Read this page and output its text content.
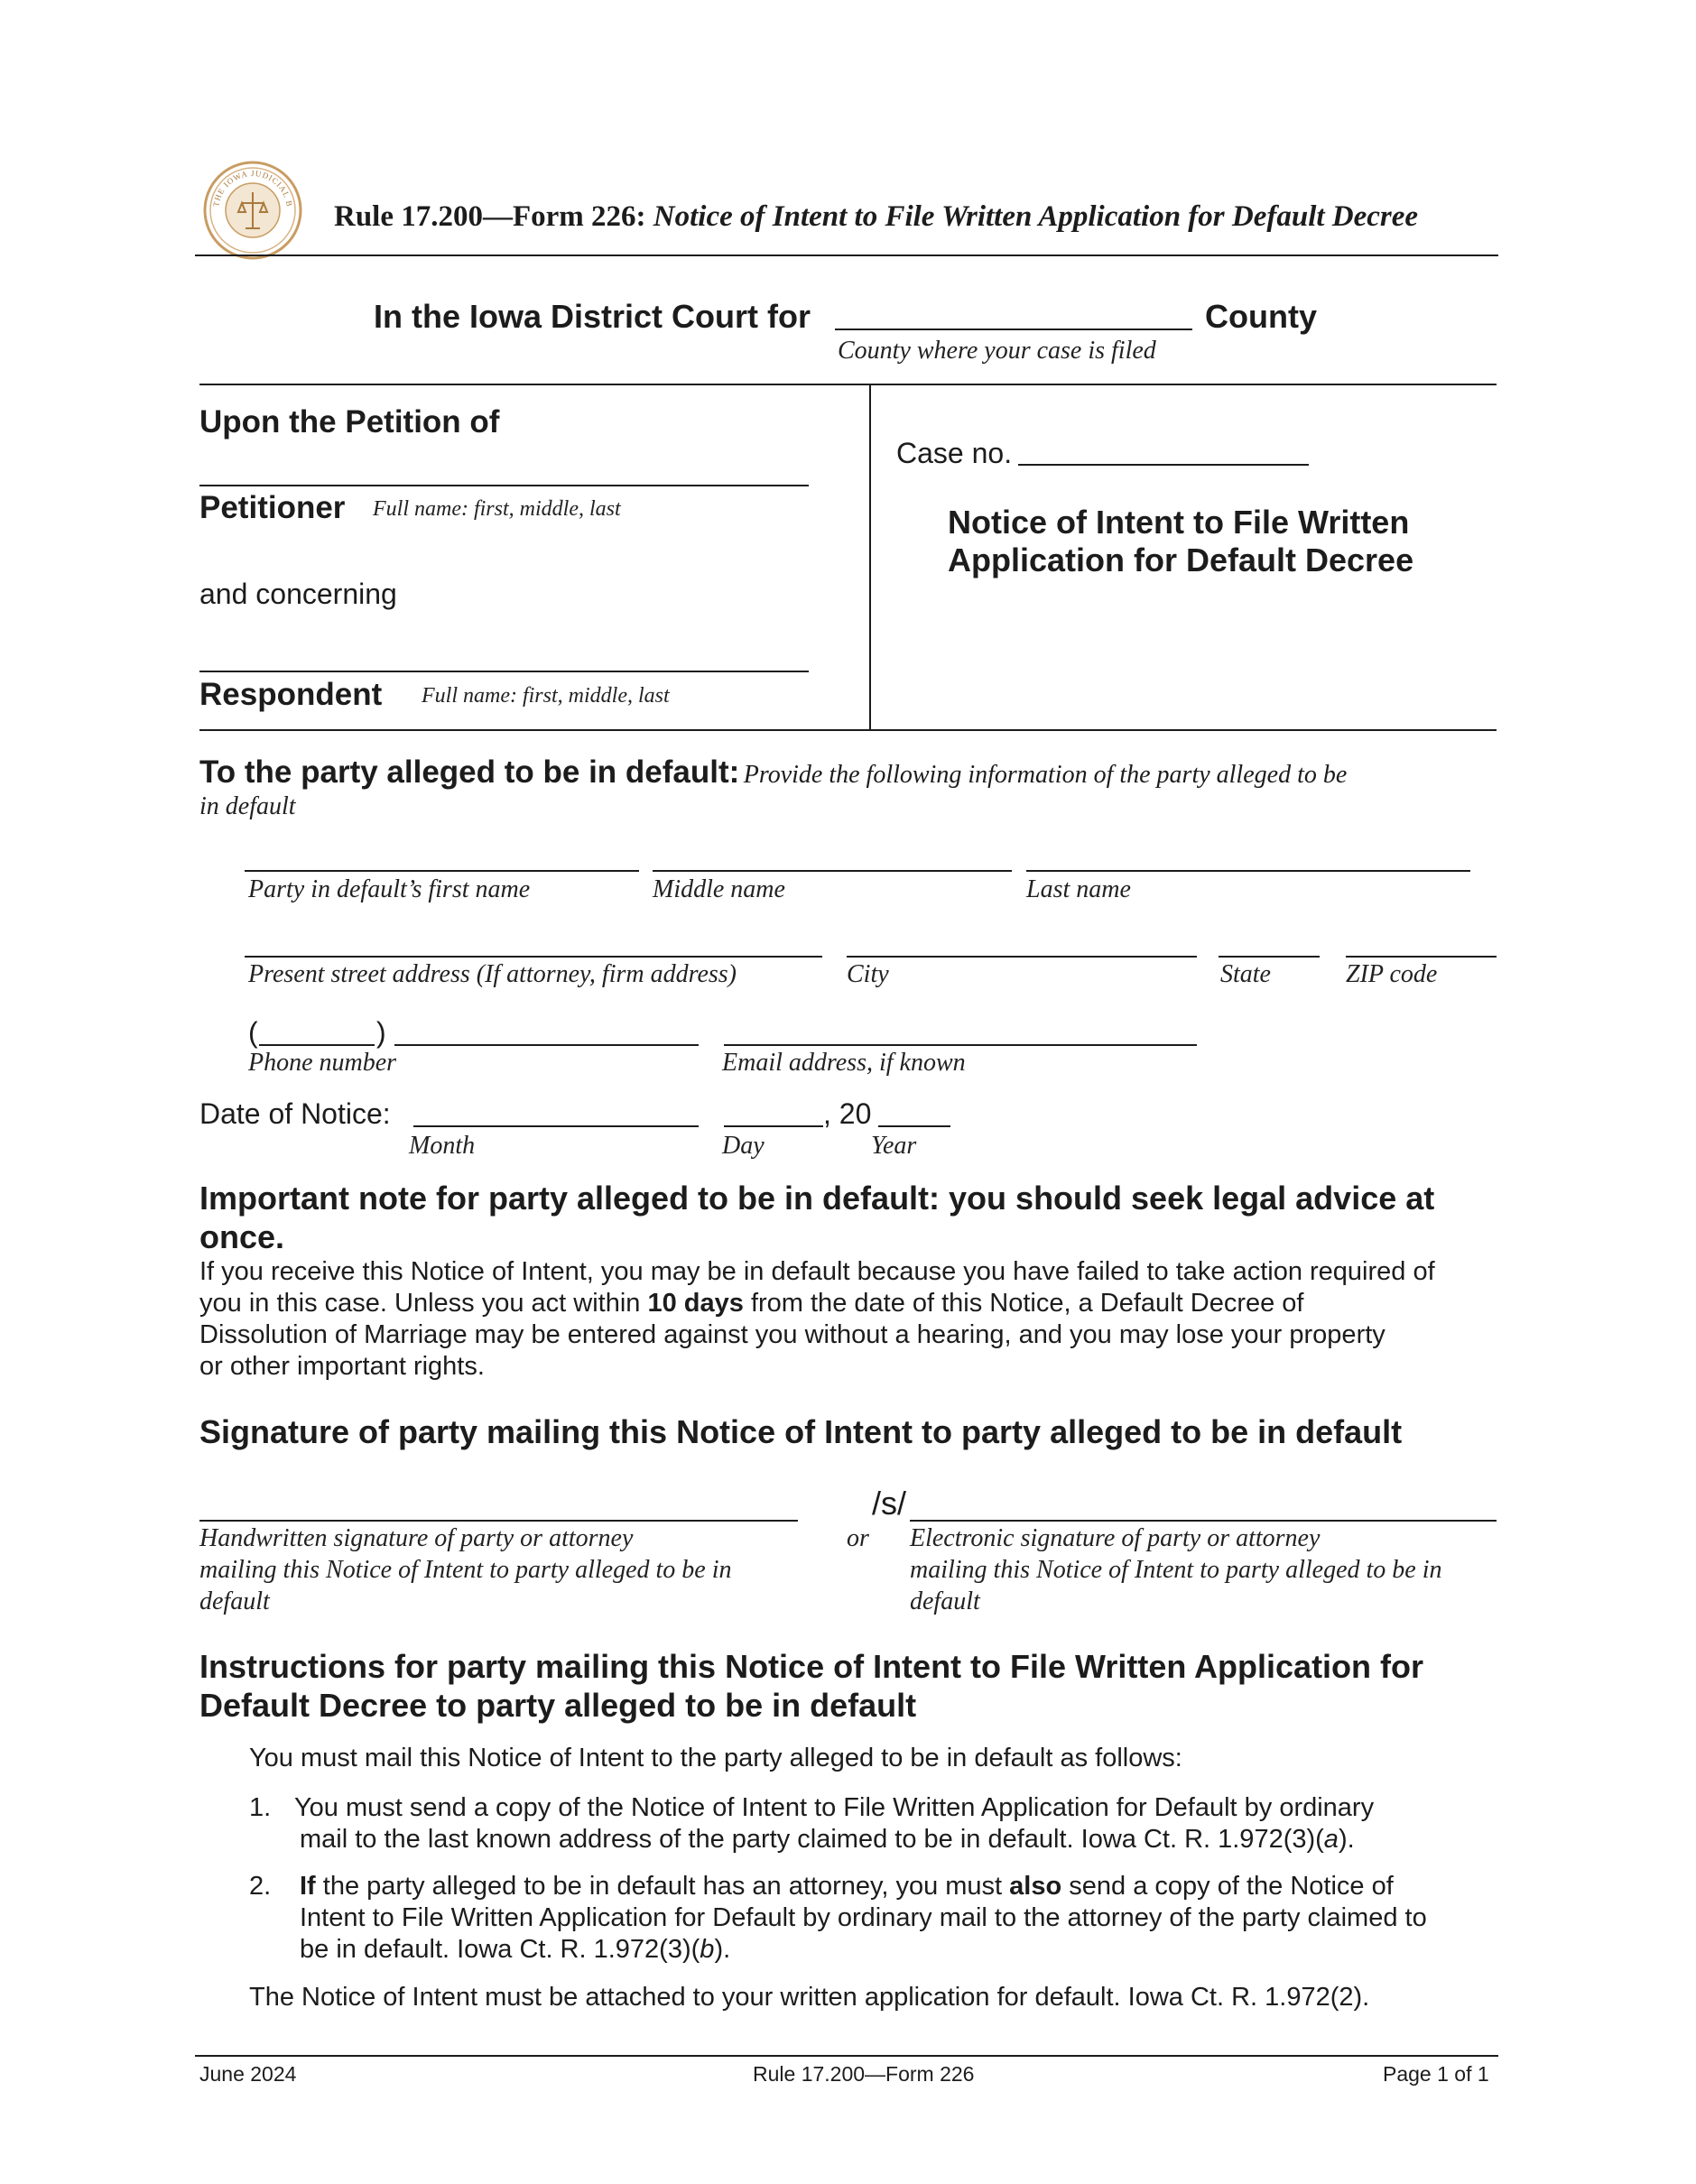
THE IOWA JUDICIAL B Rule 17.200—Form 226: Notice of Intent to File Written Application for Default Decree
In the Iowa District Court for	County
County where your case is filed
Upon the Petition of
Petitioner Full name: first, middle, last
and concerning
Respondent Full name: first, middle, last
Case no.
Notice of Intent to File Written
Application for Default Decree
To the party alleged to be in default: Provide the following information of the party alleged to be
in default
Party in default’s first name	Middle name	Last name
Present street address (If attorney, firm address)	City	State	ZIP code
(	)
Phone number	Email address, if known
Date of Notice:	, 20
Month	Day	Year
Important note for party alleged to be in default: you should seek legal advice at
once.
If you receive this Notice of Intent, you may be in default because you have failed to take action required of
you in this case. Unless you act within 10 days from the date of this Notice, a Default Decree of
Dissolution of Marriage may be entered against you without a hearing, and you may lose your property
or other important rights.
Signature of party mailing this Notice of Intent to party alleged to be in default
/s/
Handwritten signature of party or attorney
mailing this Notice of Intent to party alleged to be in
default
or Electronic signature of party or attorney
mailing this Notice of Intent to party alleged to be in
default
Instructions for party mailing this Notice of Intent to File Written Application for
Default Decree to party alleged to be in default
You must mail this Notice of Intent to the party alleged to be in default as follows:
1. You must send a copy of the Notice of Intent to File Written Application for Default by ordinary
mail to the last known address of the party claimed to be in default. Iowa Ct. R. 1.972(3)(a).
2. If the party alleged to be in default has an attorney, you must also send a copy of the Notice of
Intent to File Written Application for Default by ordinary mail to the attorney of the party claimed to
be in default. Iowa Ct. R. 1.972(3)(b).
The Notice of Intent must be attached to your written application for default. Iowa Ct. R. 1.972(2).
June 2024	Rule 17.200—Form 226	Page 1 of 1
